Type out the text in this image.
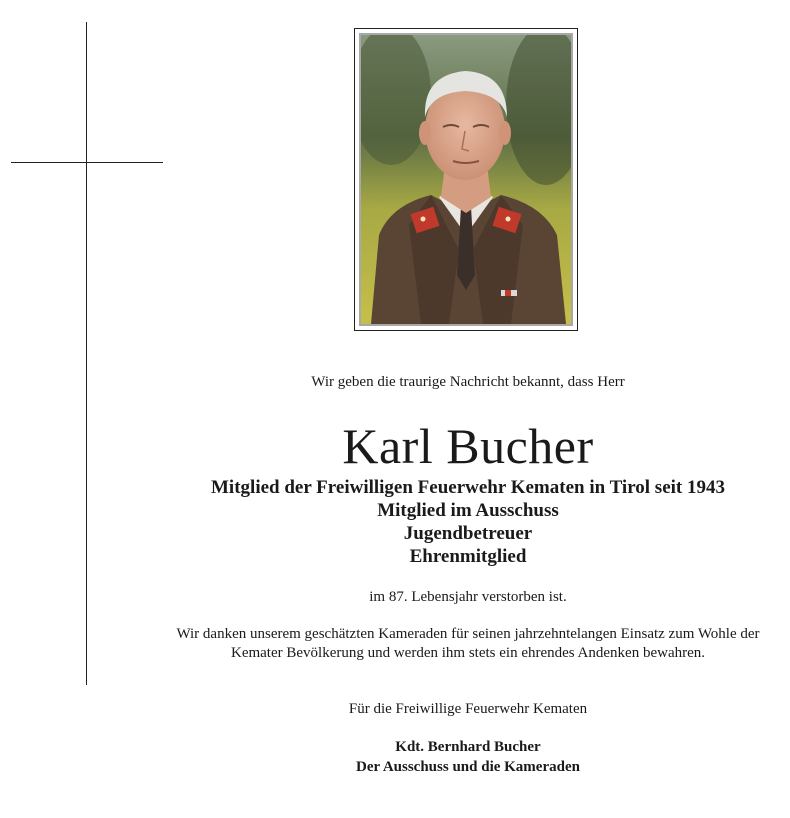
Wir geben die traurige Nachricht bekannt, dass Herr
Karl Bucher
Mitglied der Freiwilligen Feuerwehr Kematen in Tirol seit 1943
Mitglied im Ausschuss
Jugendbetreuer
Ehrenmitglied
im 87. Lebensjahr verstorben ist.
Wir danken unserem geschätzten Kameraden für seinen jahrzehntelangen Einsatz zum Wohle der Kemater Bevölkerung und werden ihm stets ein ehrendes Andenken bewahren.
Für die Freiwillige Feuerwehr Kematen
Kdt. Bernhard Bucher
Der Ausschuss und die Kameraden
